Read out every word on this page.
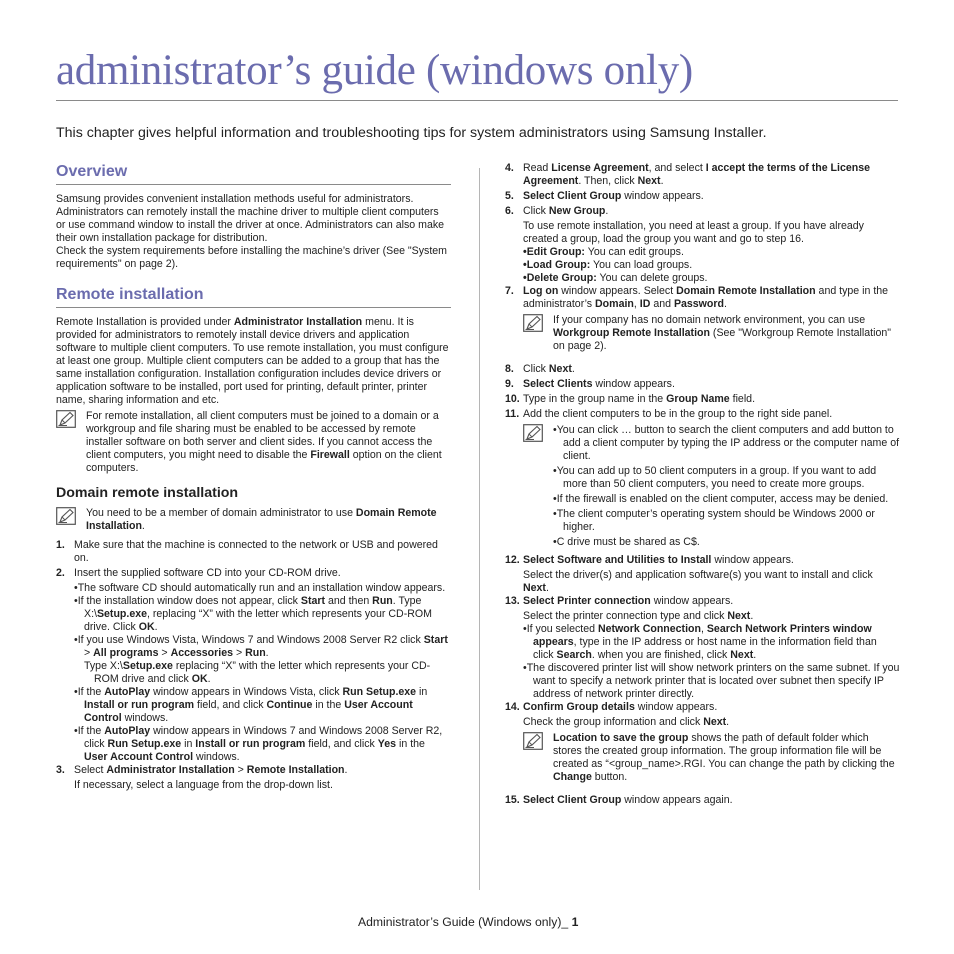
administrator’s guide (windows only)

This chapter gives helpful information and troubleshooting tips for system administrators using Samsung Installer.

Overview

Samsung provides convenient installation methods useful for administrators. Administrators can remotely install the machine driver to multiple client computers or use command window to install the driver at once. Administrators can also make their own installation package for distribution.

Check the system requirements before installing the machine’s driver (See "System requirements" on page 2).

Remote installation

Remote Installation is provided under Administrator Installation menu. It is provided for administrators to remotely install device drivers and application software to multiple client computers. To use remote installation, you must configure at least one group. Multiple client computers can be added to a group that has the same installation configuration. Installation configuration includes device drivers or application software to be installed, port used for printing, default printer, printer name, sharing information and etc.

For remote installation, all client computers must be joined to a domain or a workgroup and file sharing must be enabled to be accessed by remote installer software on both server and client sides. If you cannot access the client computers, you might need to disable the Firewall option on the client computers.

Domain remote installation

You need to be a member of domain administrator to use Domain Remote Installation.

1. Make sure that the machine is connected to the network or USB and powered on.
2. Insert the supplied software CD into your CD-ROM drive.

•The software CD should automatically run and an installation window appears.

•If the installation window does not appear, click Start and then Run. Type X:\Setup.exe, replacing “X” with the letter which represents your CD-ROM drive. Click OK.

•If you use Windows Vista, Windows 7 and Windows 2008 Server R2 click Start > All programs > Accessories > Run.

Type X:\Setup.exe replacing “X” with the letter which represents your CD-ROM drive and click OK.

•If the AutoPlay window appears in Windows Vista, click Run Setup.exe in Install or run program field, and click Continue in the User Account Control windows.

•If the AutoPlay window appears in Windows 7 and Windows 2008 Server R2, click Run Setup.exe in Install or run program field, and click Yes in the User Account Control windows.

3. Select Administrator Installation > Remote Installation.

If necessary, select a language from the drop-down list.

4. Read License Agreement, and select I accept the terms of the License Agreement. Then, click Next.
5. Select Client Group window appears.
6. Click New Group.

To use remote installation, you need at least a group. If you have already created a group, load the group you want and go to step 16.

•Edit Group: You can edit groups.

•Load Group: You can load groups.

•Delete Group: You can delete groups.

7. Log on window appears. Select Domain Remote Installation and type in the administrator’s Domain, ID and Password.

If your company has no domain network environment, you can use Workgroup Remote Installation (See "Workgroup Remote Installation" on page 2).

8. Click Next.
9. Select Clients window appears.
10. Type in the group name in the Group Name field.
11. Add the client computers to be in the group to the right side panel.

•You can click … button to search the client computers and add button to add a client computer by typing the IP address or the computer name of client.

•You can add up to 50 client computers in a group. If you want to add more than 50 client computers, you need to create more groups.

•If the firewall is enabled on the client computer, access may be denied.

•The client computer’s operating system should be Windows 2000 or higher.

•C drive must be shared as C$.

12. Select Software and Utilities to Install window appears.

Select the driver(s) and application software(s) you want to install and click Next.

13. Select Printer connection window appears.

Select the printer connection type and click Next.

•If you selected Network Connection, Search Network Printers window appears, type in the IP address or host name in the information field than click Search. when you are finished, click Next.

•The discovered printer list will show network printers on the same subnet. If you want to specify a network printer that is located over subnet then specify IP address of network printer directly.

14. Confirm Group details window appears.

Check the group information and click Next.

Location to save the group shows the path of default folder which stores the created group information. The group information file will be created as “<group_name>.RGI. You can change the path by clicking the Change button.

15. Select Client Group window appears again.
Administrator’s Guide (Windows only)_ 1
